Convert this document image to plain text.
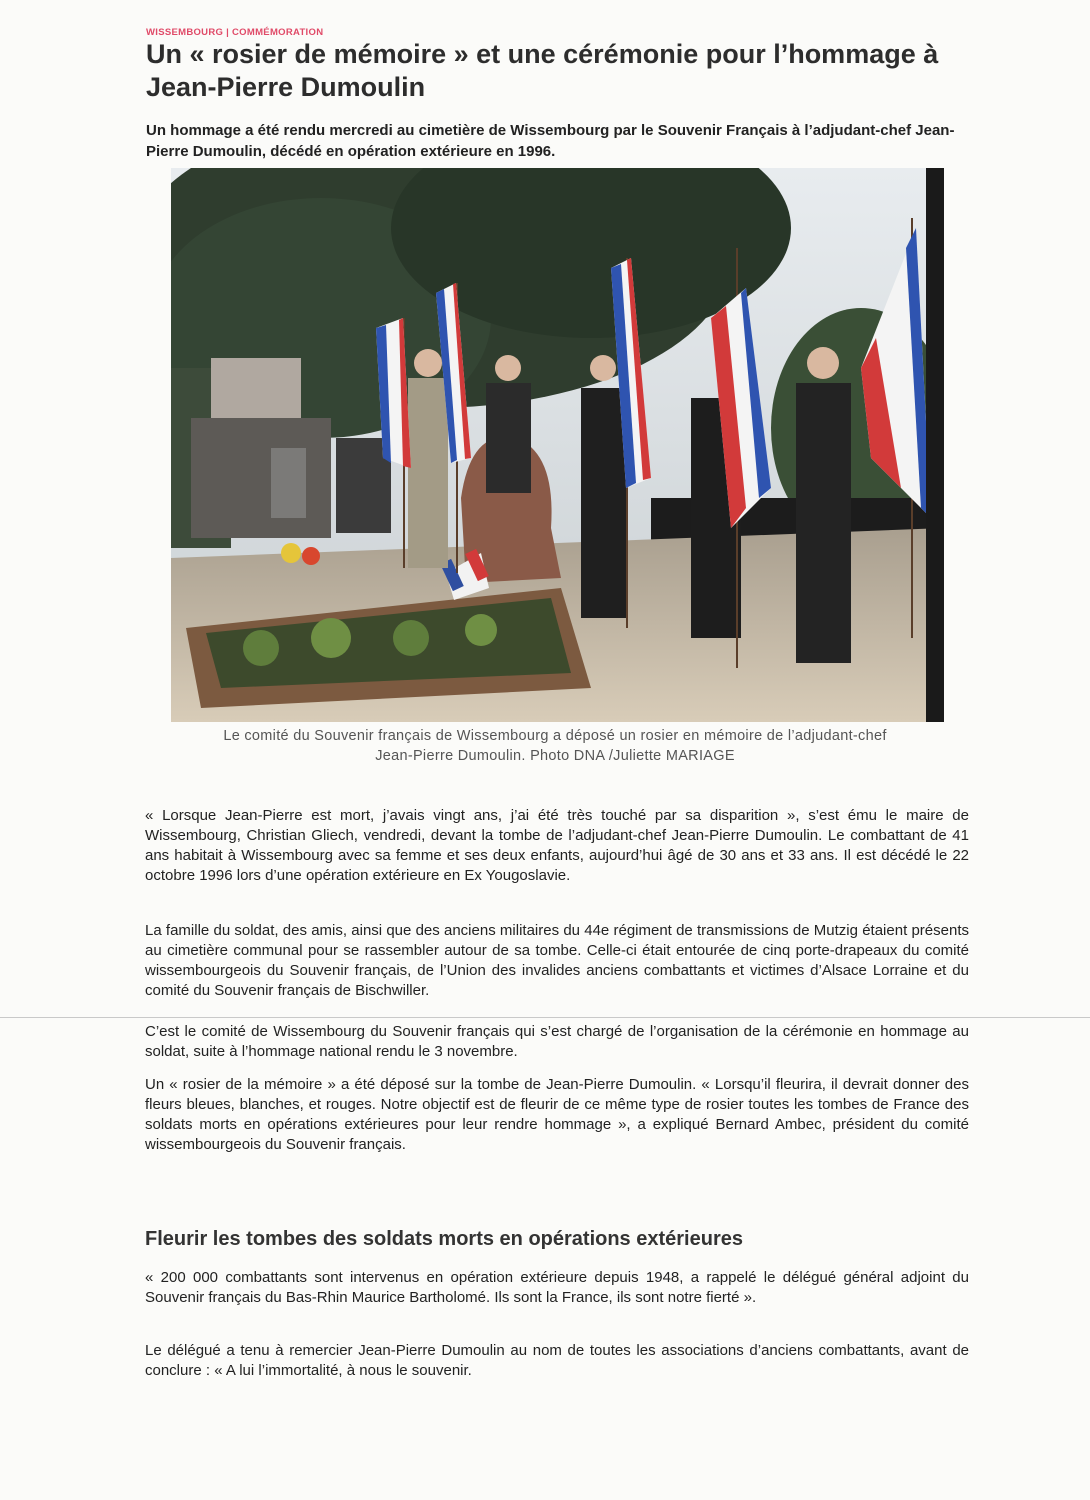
WISSEMBOURG | COMMÉMORATION
Un « rosier de mémoire » et une cérémonie pour l’hommage à Jean-Pierre Dumoulin

Un hommage a été rendu mercredi au cimetière de Wissembourg par le Souvenir Français à l’adjudant-chef Jean-Pierre Dumoulin, décédé en opération extérieure en 1996.

Le comité du Souvenir français de Wissembourg a déposé un rosier en mémoire de l’adjudant-chef
Jean-Pierre Dumoulin. Photo DNA /Juliette MARIAGE

« Lorsque Jean-Pierre est mort, j’avais vingt ans, j’ai été très touché par sa disparition », s’est ému le maire de Wissembourg, Christian Gliech, vendredi, devant la tombe de l’adjudant-chef Jean-Pierre Dumoulin. Le combattant de 41 ans habitait à Wissembourg avec sa femme et ses deux enfants, aujourd’hui âgé de 30 ans et 33 ans. Il est décédé le 22 octobre 1996 lors d’une opération extérieure en Ex Yougoslavie.

La famille du soldat, des amis, ainsi que des anciens militaires du 44e régiment de transmissions de Mutzig étaient présents au cimetière communal pour se rassembler autour de sa tombe. Celle-ci était entourée de cinq porte-drapeaux du comité wissembourgeois du Souvenir français, de l’Union des invalides anciens combattants et victimes d’Alsace Lorraine et du comité du Souvenir français de Bischwiller.

C’est le comité de Wissembourg du Souvenir français qui s’est chargé de l’organisation de la cérémonie en hommage au soldat, suite à l’hommage national rendu le 3 novembre.

Un « rosier de la mémoire » a été déposé sur la tombe de Jean-Pierre Dumoulin. « Lorsqu’il fleurira, il devrait donner des fleurs bleues, blanches, et rouges. Notre objectif est de fleurir de ce même type de rosier toutes les tombes de France des soldats morts en opérations extérieures pour leur rendre hommage », a expliqué Bernard Ambec, président du comité wissembourgeois du Souvenir français.

Fleurir les tombes des soldats morts en opérations extérieures

« 200 000 combattants sont intervenus en opération extérieure depuis 1948, a rappelé le délégué général adjoint du Souvenir français du Bas-Rhin Maurice Bartholomé. Ils sont la France, ils sont notre fierté ».

Le délégué a tenu à remercier Jean-Pierre Dumoulin au nom de toutes les associations d’anciens combattants, avant de conclure : « A lui l’immortalité, à nous le souvenir.
